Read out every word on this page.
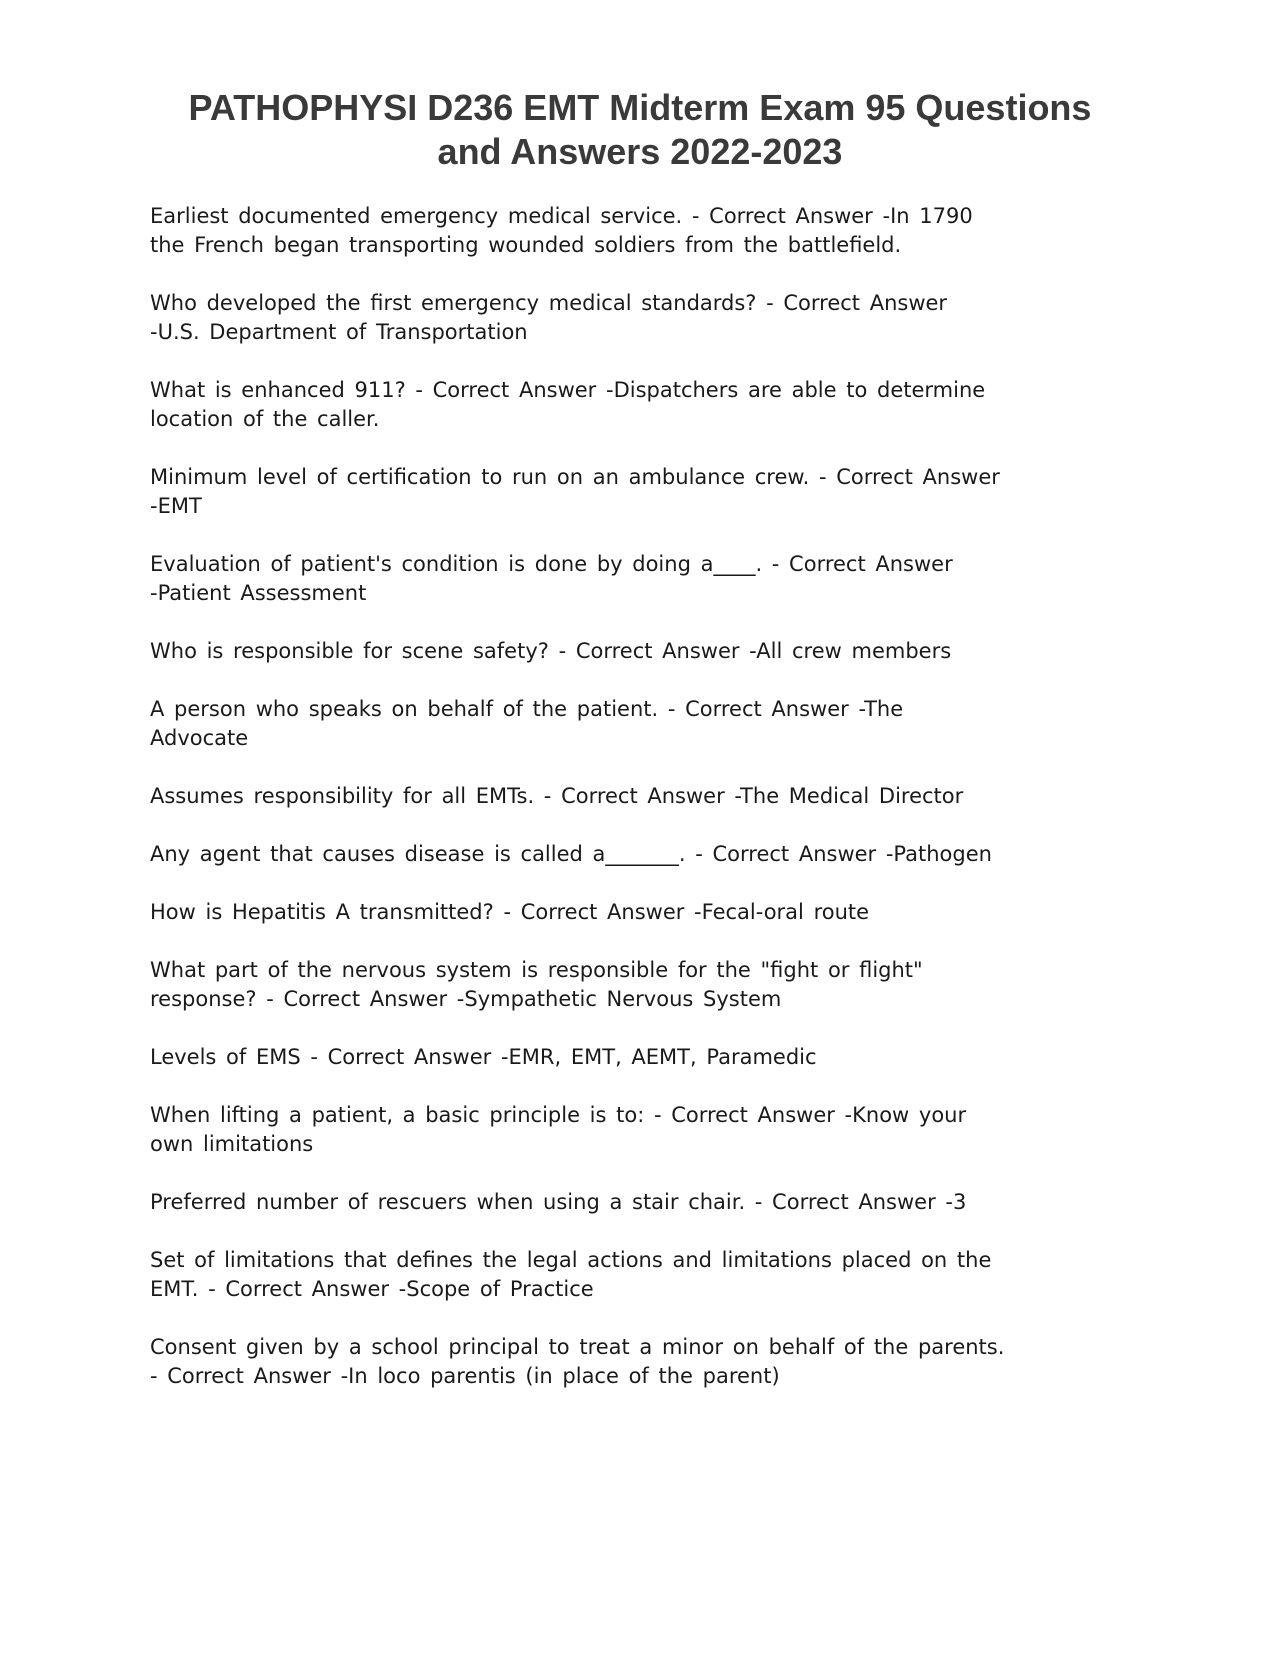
PATHOPHYSI D236 EMT Midterm Exam 95 Questions
and Answers 2022-2023
Earliest documented emergency medical service. - Correct Answer -In 1790
the French began transporting wounded soldiers from the battlefield.
Who developed the first emergency medical standards? - Correct Answer
-U.S. Department of Transportation
What is enhanced 911? - Correct Answer -Dispatchers are able to determine
location of the caller.
Minimum level of certification to run on an ambulance crew. - Correct Answer
-EMT
Evaluation of patient's condition is done by doing a____. - Correct Answer
-Patient Assessment
Who is responsible for scene safety? - Correct Answer -All crew members
A person who speaks on behalf of the patient. - Correct Answer -The
Advocate
Assumes responsibility for all EMTs. - Correct Answer -The Medical Director
Any agent that causes disease is called a_______. - Correct Answer -Pathogen
How is Hepatitis A transmitted? - Correct Answer -Fecal-oral route
What part of the nervous system is responsible for the "fight or flight"
response? - Correct Answer -Sympathetic Nervous System
Levels of EMS - Correct Answer -EMR, EMT, AEMT, Paramedic
When lifting a patient, a basic principle is to: - Correct Answer -Know your
own limitations
Preferred number of rescuers when using a stair chair. - Correct Answer -3
Set of limitations that defines the legal actions and limitations placed on the
EMT. - Correct Answer -Scope of Practice
Consent given by a school principal to treat a minor on behalf of the parents.
- Correct Answer -In loco parentis (in place of the parent)
